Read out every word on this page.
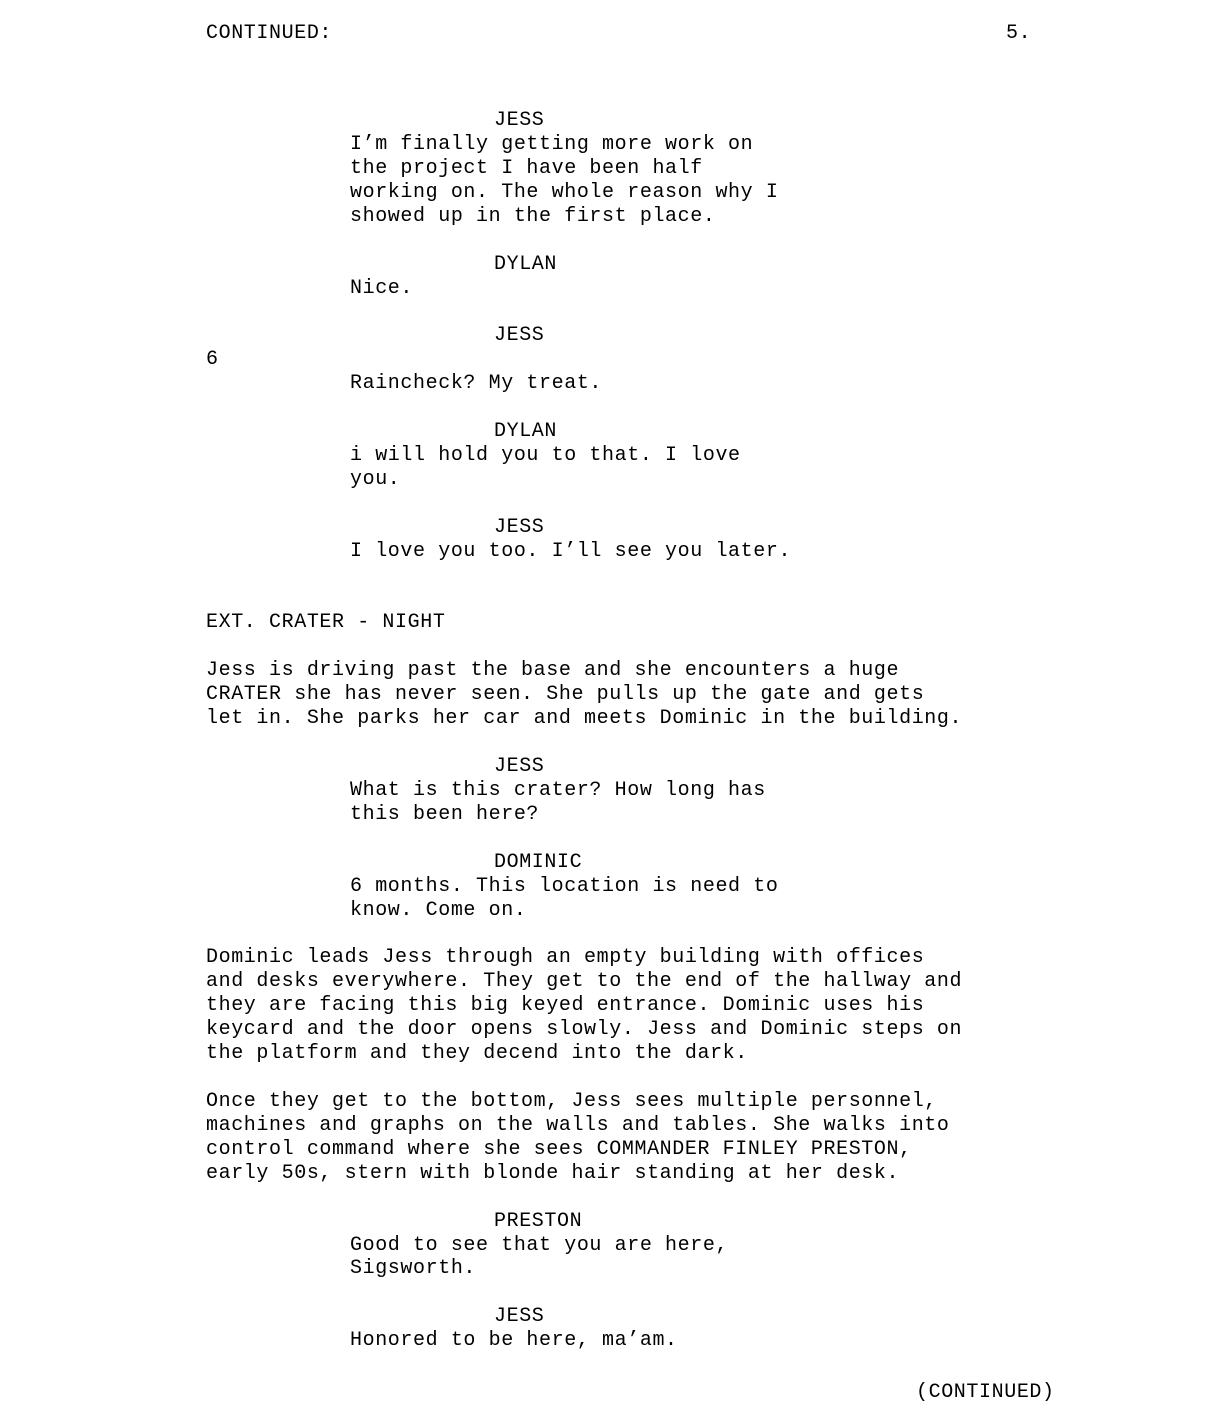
CONTINUED:	5.
JESS
I’m finally getting more work on
the project I have been half
working on. The whole reason why I
showed up in the first place.
DYLAN
Nice.
JESS
6
Raincheck? My treat.
DYLAN
i will hold you to that. I love
you.
JESS
I love you too. I’ll see you later.
EXT. CRATER - NIGHT
Jess is driving past the base and she encounters a huge
CRATER she has never seen. She pulls up the gate and gets
let in. She parks her car and meets Dominic in the building.
JESS
What is this crater? How long has
this been here?
DOMINIC
6 months. This location is need to
know. Come on.
Dominic leads Jess through an empty building with offices
and desks everywhere. They get to the end of the hallway and
they are facing this big keyed entrance. Dominic uses his
keycard and the door opens slowly. Jess and Dominic steps on
the platform and they decend into the dark.
Once they get to the bottom, Jess sees multiple personnel,
machines and graphs on the walls and tables. She walks into
control command where she sees COMMANDER FINLEY PRESTON,
early 50s, stern with blonde hair standing at her desk.
PRESTON
Good to see that you are here,
Sigsworth.
JESS
Honored to be here, ma’am.
(CONTINUED)
